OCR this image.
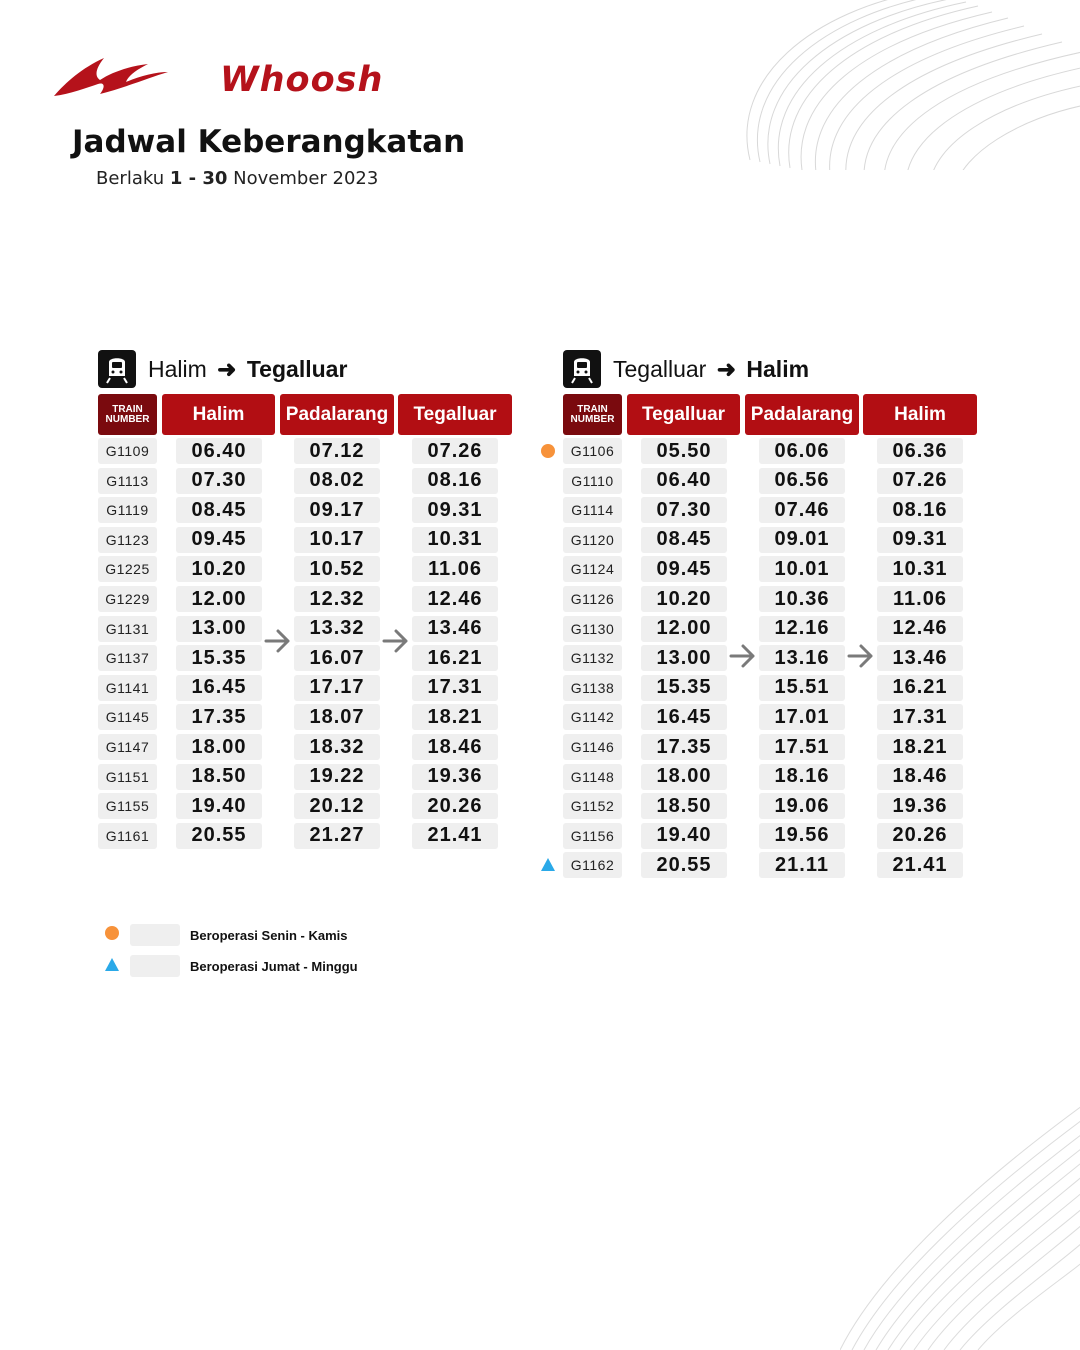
Whoosh
Jadwal Keberangkatan
Berlaku 1 - 30 November 2023
Halim ➜ Tegalluar
TRAIN
NUMBER	Halim	Padalarang	Tegalluar
G1109	06.40	07.12	07.26
G1113	07.30	08.02	08.16
G1119	08.45	09.17	09.31
G1123	09.45	10.17	10.31
G1225	10.20	10.52	11.06
G1229	12.00	12.32	12.46
G1131	13.00	13.32	13.46
G1137	15.35	16.07	16.21
G1141	16.45	17.17	17.31
G1145	17.35	18.07	18.21
G1147	18.00	18.32	18.46
G1151	18.50	19.22	19.36
G1155	19.40	20.12	20.26
G1161	20.55	21.27	21.41
Tegalluar ➜ Halim
TRAIN
NUMBER	Tegalluar	Padalarang	Halim
G1106	05.50	06.06	06.36
G1110	06.40	06.56	07.26
G1114	07.30	07.46	08.16
G1120	08.45	09.01	09.31
G1124	09.45	10.01	10.31
G1126	10.20	10.36	11.06
G1130	12.00	12.16	12.46
G1132	13.00	13.16	13.46
G1138	15.35	15.51	16.21
G1142	16.45	17.01	17.31
G1146	17.35	17.51	18.21
G1148	18.00	18.16	18.46
G1152	18.50	19.06	19.36
G1156	19.40	19.56	20.26
G1162	20.55	21.11	21.41
Beroperasi Senin - Kamis
Beroperasi Jumat - Minggu
